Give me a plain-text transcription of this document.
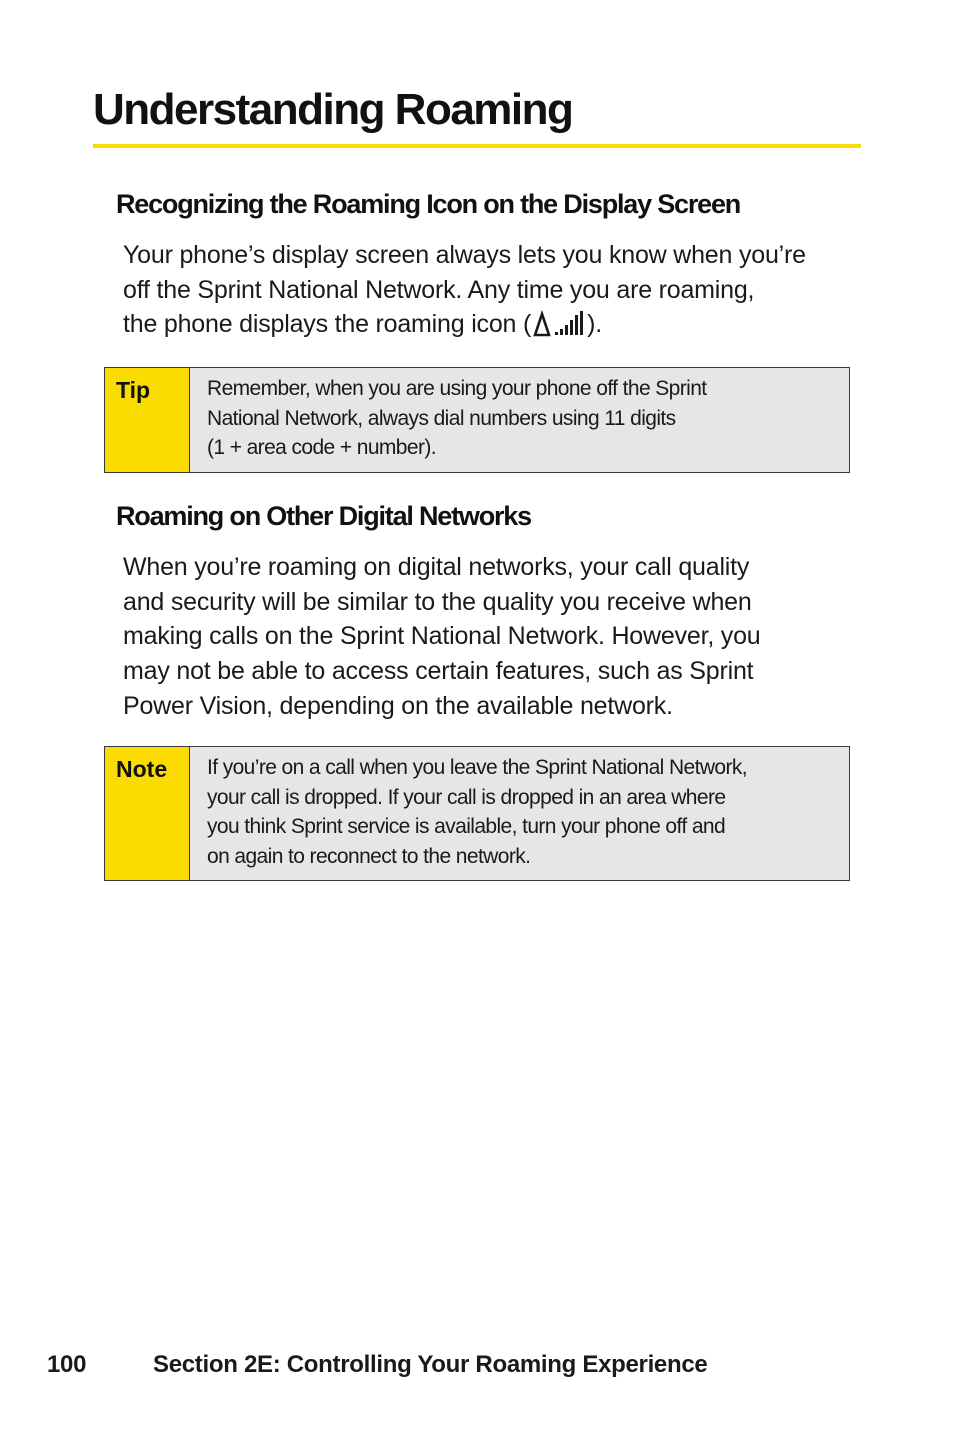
Understanding Roaming
Recognizing the Roaming Icon on the Display Screen

Your phone’s display screen always lets you know when you’re
off the Sprint National Network. Any time you are roaming,
the phone displays the roaming icon ( ).

Tip	Remember, when you are using your phone off the Sprint
National Network, always dial numbers using 11 digits
(1 + area code + number).
Roaming on Other Digital Networks

When you’re roaming on digital networks, your call quality
and security will be similar to the quality you receive when
making calls on the Sprint National Network. However, you
may not be able to access certain features, such as Sprint
Power Vision, depending on the available network.

Note	If you’re on a call when you leave the Sprint National Network,
your call is dropped. If your call is dropped in an area where
you think Sprint service is available, turn your phone off and
on again to reconnect to the network.
100	Section 2E: Controlling Your Roaming Experience
